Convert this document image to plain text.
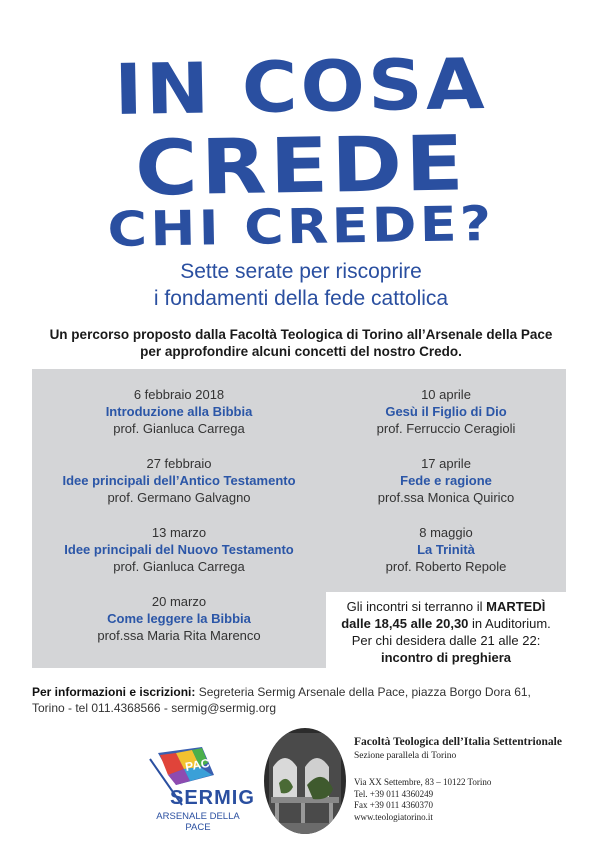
IN COSA
CREDE
CHI CREDE?
Sette serate per riscoprire
i fondamenti della fede cattolica
Un percorso proposto dalla Facoltà Teologica di Torino all’Arsenale della Pace
per approfondire alcuni concetti del nostro Credo.
6 febbraio 2018
Introduzione alla Bibbia
prof. Gianluca Carrega
27 febbraio
Idee principali dell’Antico Testamento
prof. Germano Galvagno
13 marzo
Idee principali del Nuovo Testamento
prof. Gianluca Carrega
20 marzo
Come leggere la Bibbia
prof.ssa Maria Rita Marenco
10 aprile
Gesù il Figlio di Dio
prof. Ferruccio Ceragioli
17 aprile
Fede e ragione
prof.ssa Monica Quirico
8 maggio
La Trinità
prof. Roberto Repole
Gli incontri si terranno il MARTEDÌ
dalle 18,45 alle 20,30 in Auditorium.
Per chi desidera dalle 21 alle 22:
incontro di preghiera
Per informazioni e iscrizioni: Segreteria Sermig Arsenale della Pace, piazza Borgo Dora 61,
Torino - tel 011.4368566 - sermig@sermig.org
PACE
SERMIG
ARSENALE DELLA PACE
Facoltà Teologica dell’Italia Settentrionale
Sezione parallela di Torino
Via XX Settembre, 83 – 10122 Torino
Tel. +39 011 4360249
Fax +39 011 4360370
www.teologiatorino.it
